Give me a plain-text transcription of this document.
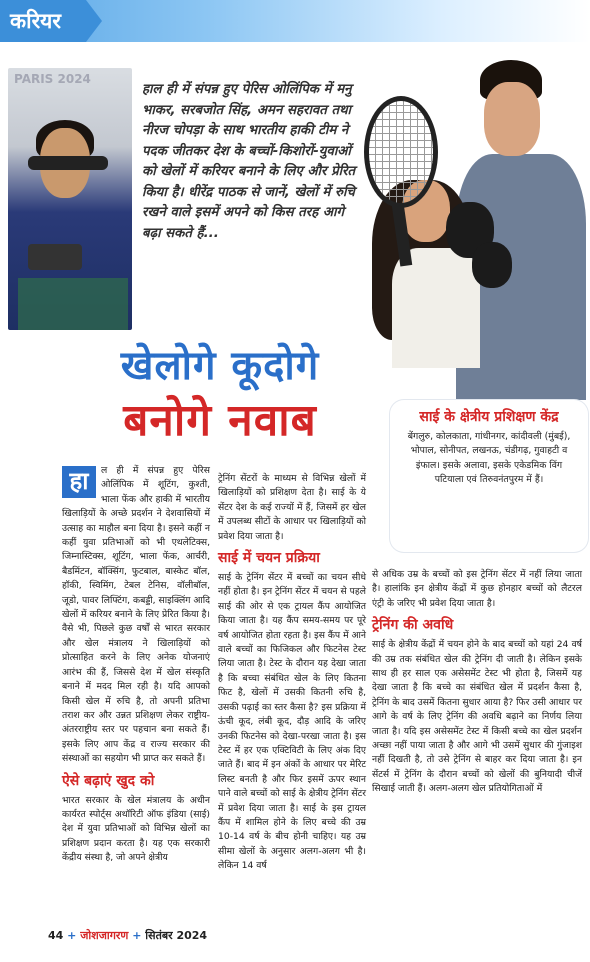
करियर
PARIS 2024
हाल ही में संपन्न हुए पेरिस ओलिंपिक में मनु भाकर, सरबजोत सिंह, अमन सहरावत तथा नीरज चोपड़ा के साथ भारतीय हाकी टीम ने पदक जीतकर देश के बच्चों-किशोरों-युवाओं को खेलों में करियर बनाने के लिए और प्रेरित किया है। धीरेंद्र पाठक से जानें, खेलों में रुचि रखने वाले इसमें अपने को किस तरह आगे बढ़ा सकते हैं...
खेलोगे कूदोगे
बनोगे नवाब	साई के क्षेत्रीय प्रशिक्षण केंद्र
बेंगलुरु, कोलकाता, गांधीनगर, कांदीवली (मुंबई), भोपाल, सोनीपत, लखनऊ, चंडीगढ़, गुवाहटी व इंफाल। इसके अलावा, इसके एकेडमिक विंग पटियाला एवं तिरुवनंतपुरम में हैं।
हा	ल ही में संपन्न हुए पेरिस ओलिंपिक में शूटिंग, कुश्ती, भाला फेंक और हाकी में भारतीय खिलाड़ियों के अच्छे प्रदर्शन ने देशवासियों में उत्साह का माहौल बना दिया है। इसने कहीं न कहीं युवा प्रतिभाओं को भी एथलेटिक्स, जिम्नास्टिक्स, शूटिंग, भाला फेंक, आर्चरी, बैडमिंटन, बॉक्सिंग, फुटबाल, बास्केट बॉल, हॉकी, स्विमिंग, टेबल टेनिस, वॉलीबॉल, जूडो, पावर लिफ्टिंग, कबड्डी, साइक्लिंग आदि खेलों में करियर बनाने के लिए प्रेरित किया है। वैसे भी, पिछले कुछ वर्षों से भारत सरकार और खेल मंत्रालय ने खिलाड़ियों को प्रोत्साहित करने के लिए अनेक योजनाएं आरंभ की हैं, जिससे देश में खेल संस्कृति बनाने में मदद मिल रही है। यदि आपको किसी खेल में रुचि है, तो अपनी प्रतिभा तराश कर और उन्नत प्रशिक्षण लेकर राष्ट्रीय-अंतरराष्ट्रीय स्तर पर पहचान बना सकते हैं। इसके लिए आप केंद्र व राज्य सरकार की संस्थाओं का सहयोग भी प्राप्त कर सकते हैं।
ऐसे बढ़ाएं खुद को
भारत सरकार के खेल मंत्रालय के अधीन कार्यरत स्पोर्ट्स अथॉरिटी ऑफ इंडिया (साई) देश में युवा प्रतिभाओं को विभिन्न खेलों का प्रशिक्षण प्रदान करता है। यह एक सरकारी केंद्रीय संस्था है, जो अपने क्षेत्रीय
ट्रेनिंग सेंटरों के माध्यम से विभिन्न खेलों में खिलाड़ियों को प्रशिक्षण देता है। साई के ये सेंटर देश के कई राज्यों में हैं, जिसमें हर खेल में उपलब्ध सीटों के आधार पर खिलाड़ियों को प्रवेश दिया जाता है।
साई में चयन प्रक्रिया
साई के ट्रेनिंग सेंटर में बच्चों का चयन सीधे नहीं होता है। इन ट्रेनिंग सेंटर में चयन से पहले साई की ओर से एक ट्रायल कैंप आयोजित किया जाता है। यह कैंप समय-समय पर पूरे वर्ष आयोजित होता रहता है। इस कैंप में आने वाले बच्चों का फिजिकल और फिटनेस टेस्ट लिया जाता है। टेस्ट के दौरान यह देखा जाता है कि बच्चा संबंधित खेल के लिए कितना फिट है, खेलों में उसकी कितनी रुचि है, उसकी पढ़ाई का स्तर कैसा है? इस प्रक्रिया में ऊंची कूद, लंबी कूद, दौड़ आदि के जरिए उनकी फिटनेस को देखा-परखा जाता है। इस टेस्ट में हर एक एक्टिविटी के लिए अंक दिए जाते हैं। बाद में इन अंकों के आधार पर मेरिट लिस्ट बनती है और फिर इसमें ऊपर स्थान पाने वाले बच्चों को साई के क्षेत्रीय ट्रेनिंग सेंटर में प्रवेश दिया जाता है। साई के इस ट्रायल कैंप में शामिल होने के लिए बच्चे की उम्र 10-14 वर्ष के बीच होनी चाहिए। यह उम्र सीमा खेलों के अनुसार अलग-अलग भी है। लेकिन 14 वर्ष
से अधिक उम्र के बच्चों को इस ट्रेनिंग सेंटर में नहीं लिया जाता है। हालांकि इन क्षेत्रीय केंद्रों में कुछ होनहार बच्चों को लैटरल एंट्री के जरिए भी प्रवेश दिया जाता है।
ट्रेनिंग की अवधि
साई के क्षेत्रीय केंद्रों में चयन होने के बाद बच्चों को यहां 24 वर्ष की उम्र तक संबंधित खेल की ट्रेनिंग दी जाती है। लेकिन इसके साथ ही हर साल एक असेसमेंट टेस्ट भी होता है, जिसमें यह देखा जाता है कि बच्चे का संबंधित खेल में प्रदर्शन कैसा है, ट्रेनिंग के बाद उसमें कितना सुधार आया है? फिर उसी आधार पर आगे के वर्ष के लिए ट्रेनिंग की अवधि बढ़ाने का निर्णय लिया जाता है। यदि इस असेसमेंट टेस्ट में किसी बच्चे का खेल प्रदर्शन अच्छा नहीं पाया जाता है और आगे भी उसमें सुधार की गुंजाइश नहीं दिखती है, तो उसे ट्रेनिंग से बाहर कर दिया जाता है। इन सेंटर्स में ट्रेनिंग के दौरान बच्चों को खेलों की बुनियादी चीजें सिखाई जाती हैं। अलग-अलग खेल प्रतियोगिताओं में
44 + जोशजागरण + सितंबर 2024
